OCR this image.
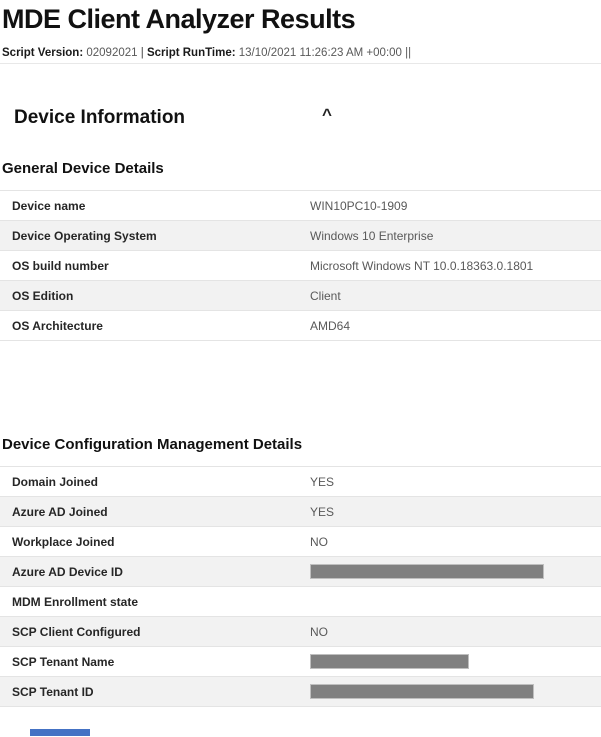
MDE Client Analyzer Results
Script Version: 02092021 | Script RunTime: 13/10/2021 11:26:23 AM +00:00 ||
Device Information	^
General Device Details
Device name	WIN10PC10-1909
Device Operating System	Windows 10 Enterprise
OS build number	Microsoft Windows NT 10.0.18363.0.1801
OS Edition	Client
OS Architecture	AMD64
Device Configuration Management Details
Domain Joined	YES
Azure AD Joined	YES
Workplace Joined	NO
Azure AD Device ID	

MDM Enrollment state	
SCP Client Configured	NO
SCP Tenant Name	

SCP Tenant ID	
